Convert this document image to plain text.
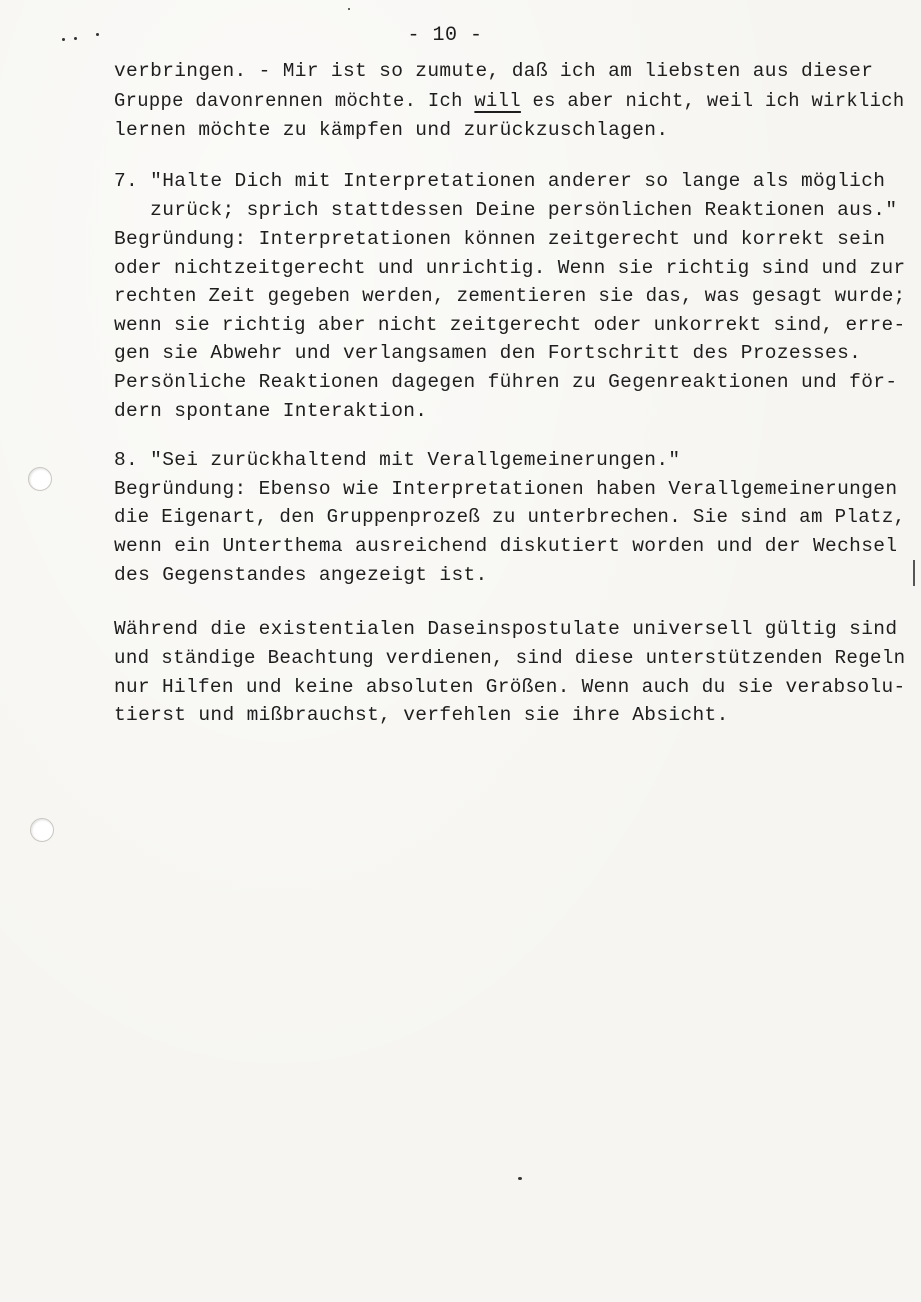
- 10 -
verbringen. - Mir ist so zumute, daß ich am liebsten aus dieser
Gruppe davonrennen möchte. Ich will es aber nicht, weil ich wirklich
lernen möchte zu kämpfen und zurückzuschlagen.
7. "Halte Dich mit Interpretationen anderer so lange als möglich
zurück; sprich stattdessen Deine persönlichen Reaktionen aus."
Begründung: Interpretationen können zeitgerecht und korrekt sein
oder nichtzeitgerecht und unrichtig. Wenn sie richtig sind und zur
rechten Zeit gegeben werden, zementieren sie das, was gesagt wurde;
wenn sie richtig aber nicht zeitgerecht oder unkorrekt sind, erre-
gen sie Abwehr und verlangsamen den Fortschritt des Prozesses.
Persönliche Reaktionen dagegen führen zu Gegenreaktionen und för-
dern spontane Interaktion.
8. "Sei zurückhaltend mit Verallgemeinerungen."
Begründung: Ebenso wie Interpretationen haben Verallgemeinerungen
die Eigenart, den Gruppenprozeß zu unterbrechen. Sie sind am Platz,
wenn ein Unterthema ausreichend diskutiert worden und der Wechsel
des Gegenstandes angezeigt ist.
Während die existentialen Daseinspostulate universell gültig sind
und ständige Beachtung verdienen, sind diese unterstützenden Regeln
nur Hilfen und keine absoluten Größen. Wenn auch du sie verabsolu-
tierst und mißbrauchst, verfehlen sie ihre Absicht.
